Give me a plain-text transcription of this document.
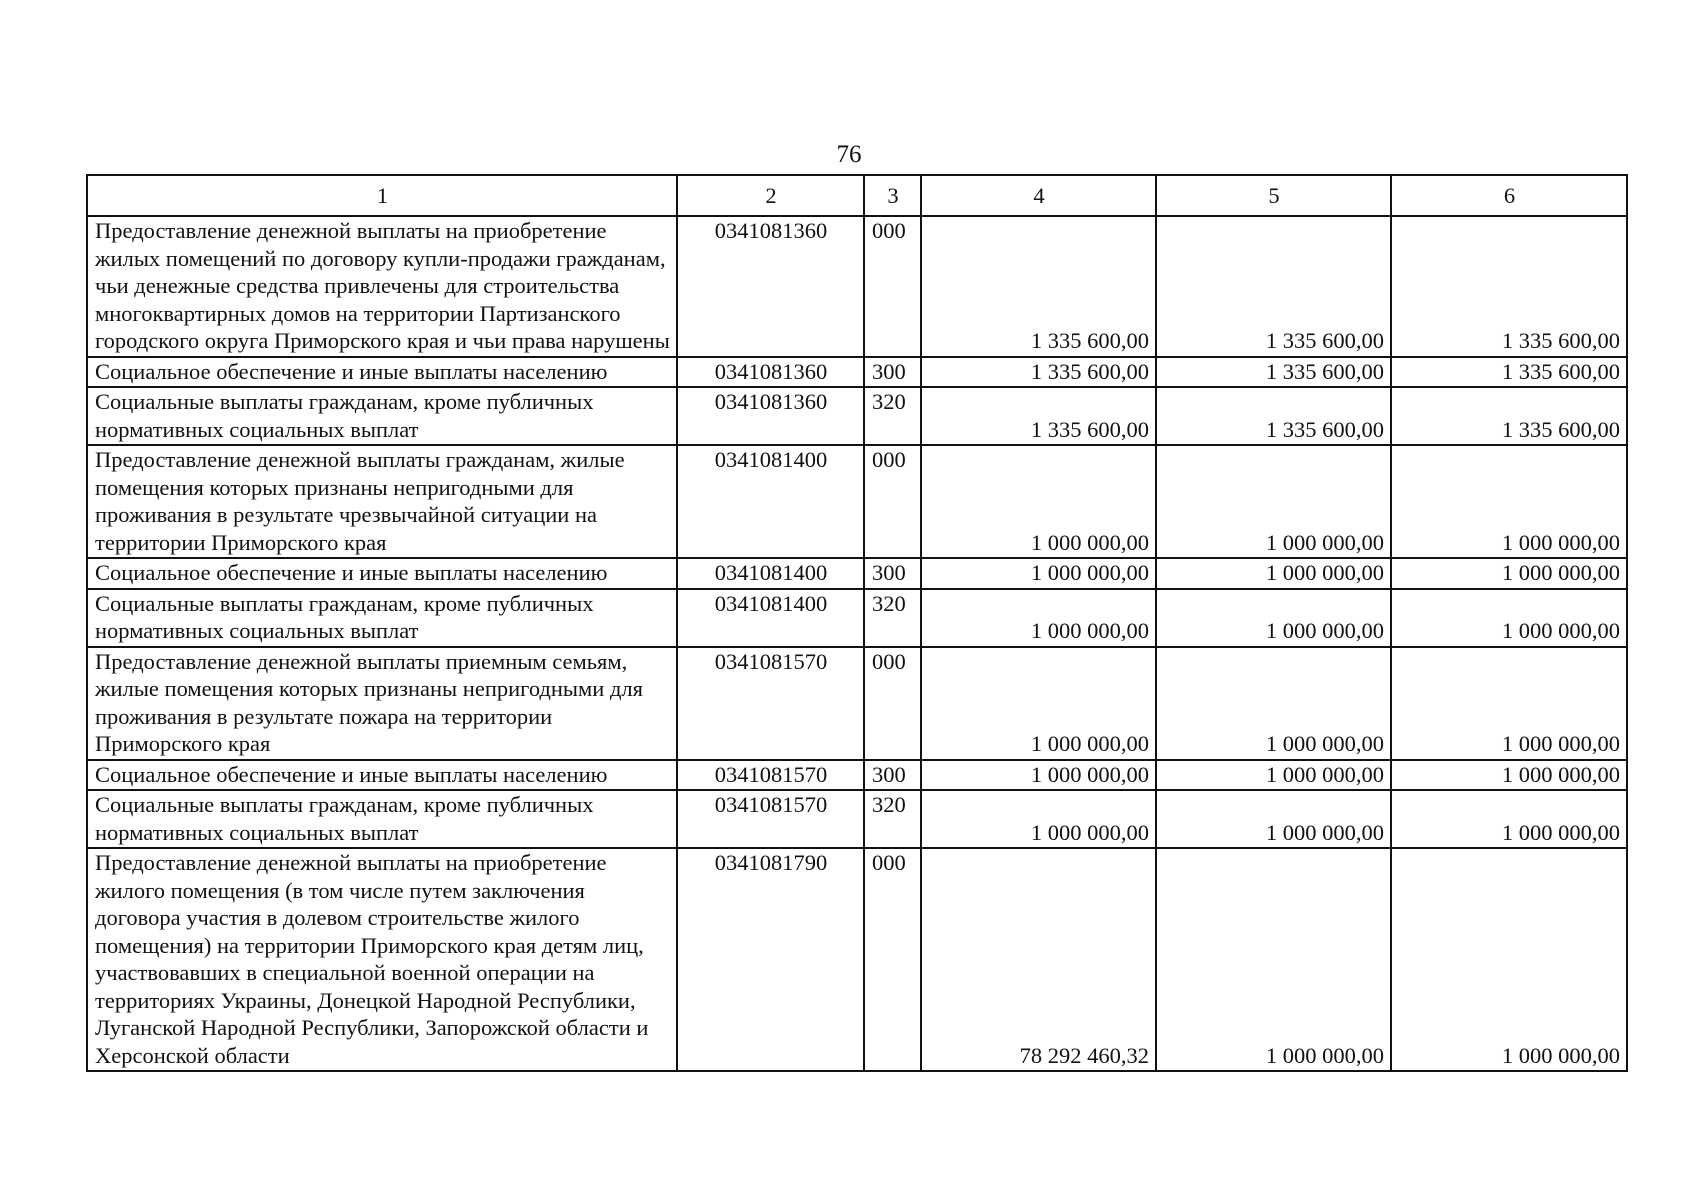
76
1	2	3	4	5	6
Предоставление денежной выплаты на приобретение жилых помещений по договору купли-продажи гражданам, чьи денежные средства привлечены для строительства многоквартирных домов на территории Партизанского городского округа Приморского края и чьи права нарушены	0341081360	000	1 335 600,00	1 335 600,00	1 335 600,00
Социальное обеспечение и иные выплаты населению	0341081360	300	1 335 600,00	1 335 600,00	1 335 600,00
Социальные выплаты гражданам, кроме публичных нормативных социальных выплат	0341081360	320	1 335 600,00	1 335 600,00	1 335 600,00
Предоставление денежной выплаты гражданам, жилые помещения которых признаны непригодными для проживания в результате чрезвычайной ситуации на территории Приморского края	0341081400	000	1 000 000,00	1 000 000,00	1 000 000,00
Социальное обеспечение и иные выплаты населению	0341081400	300	1 000 000,00	1 000 000,00	1 000 000,00
Социальные выплаты гражданам, кроме публичных нормативных социальных выплат	0341081400	320	1 000 000,00	1 000 000,00	1 000 000,00
Предоставление денежной выплаты приемным семьям, жилые помещения которых признаны непригодными для проживания в результате пожара на территории Приморского края	0341081570	000	1 000 000,00	1 000 000,00	1 000 000,00
Социальное обеспечение и иные выплаты населению	0341081570	300	1 000 000,00	1 000 000,00	1 000 000,00
Социальные выплаты гражданам, кроме публичных нормативных социальных выплат	0341081570	320	1 000 000,00	1 000 000,00	1 000 000,00
Предоставление денежной выплаты на приобретение жилого помещения (в том числе путем заключения договора участия в долевом строительстве жилого помещения) на территории Приморского края детям лиц, участвовавших в специальной военной операции на территориях Украины, Донецкой Народной Республики, Луганской Народной Республики, Запорожской области и Херсонской области	0341081790	000	78 292 460,32	1 000 000,00	1 000 000,00
